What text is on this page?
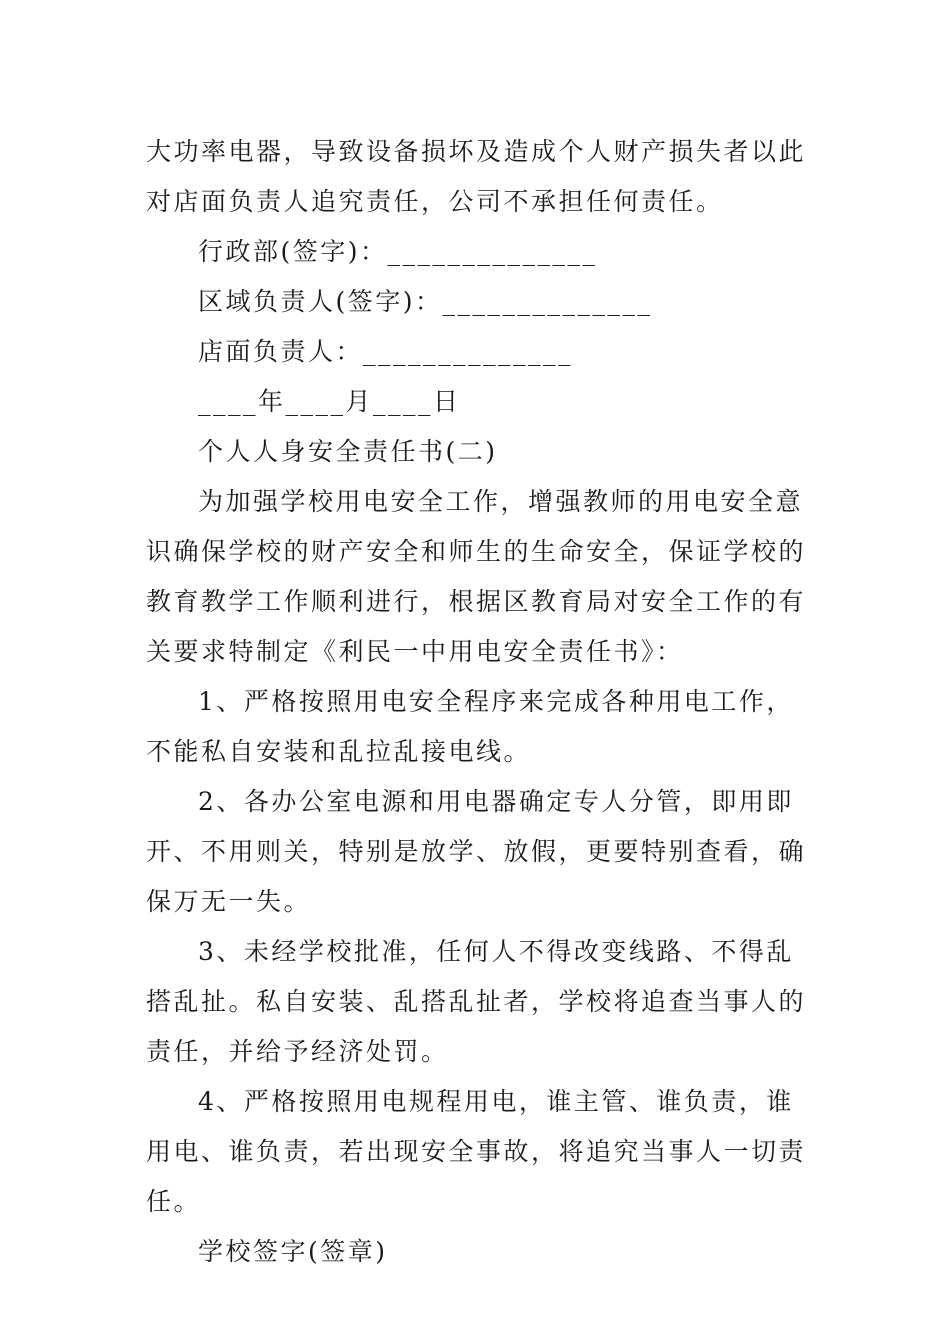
大功率电器，导致设备损坏及造成个人财产损失者以此对店面负责人追究责任，公司不承担任何责任。

行政部(签字)：______________

区域负责人(签字)：______________

店面负责人：______________

____年____月____日

个人人身安全责任书(二)

为加强学校用电安全工作，增强教师的用电安全意识确保学校的财产安全和师生的生命安全，保证学校的教育教学工作顺利进行，根据区教育局对安全工作的有关要求特制定《利民一中用电安全责任书》：

1、严格按照用电安全程序来完成各种用电工作，不能私自安装和乱拉乱接电线。

2、各办公室电源和用电器确定专人分管，即用即开、不用则关，特别是放学、放假，更要特别查看，确保万无一失。

3、未经学校批准，任何人不得改变线路、不得乱搭乱扯。私自安装、乱搭乱扯者，学校将追查当事人的责任，并给予经济处罚。

4、严格按照用电规程用电，谁主管、谁负责，谁用电、谁负责，若出现安全事故，将追究当事人一切责任。

学校签字(签章)
